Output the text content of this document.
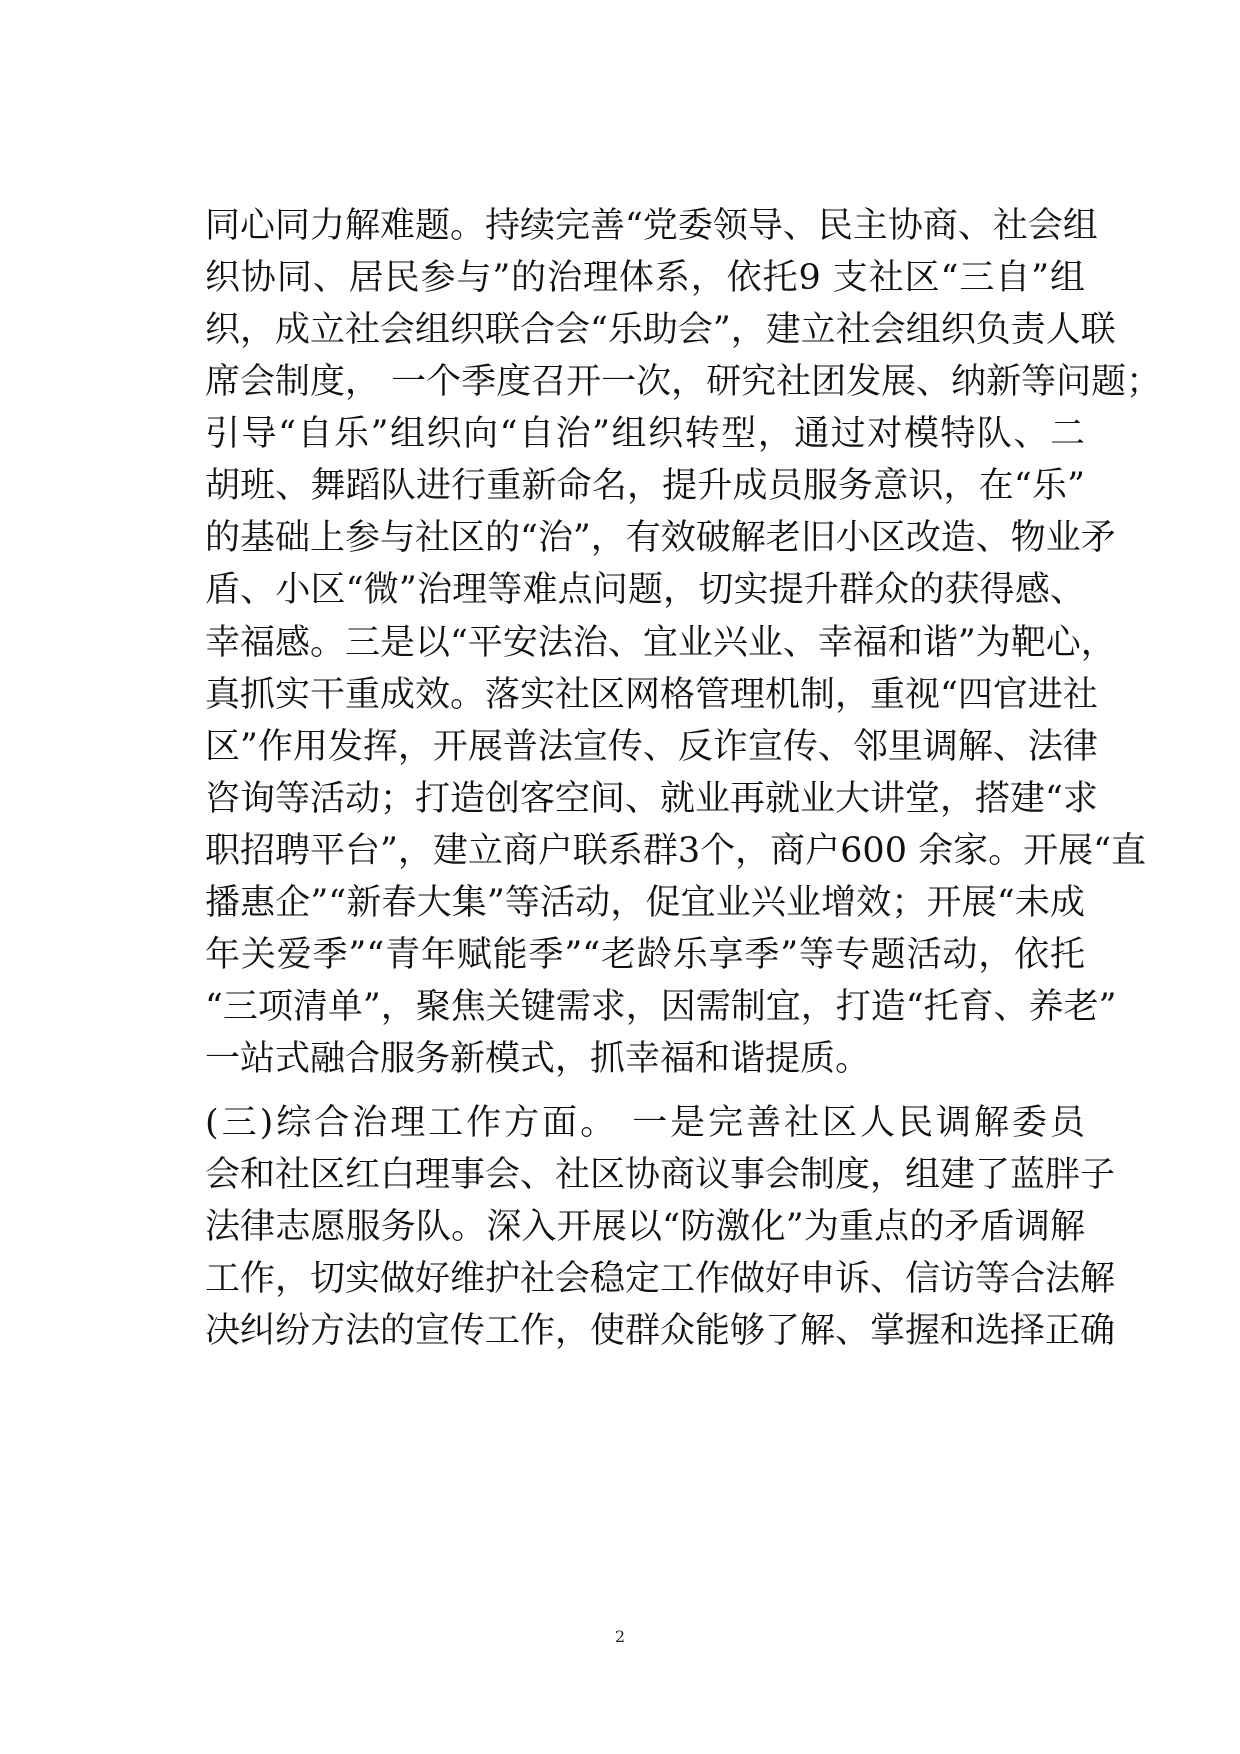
同心同力解难题。持续完善“党委领导、民主协商、社会组
织协同、居民参与”的治理体系，依托9 支社区“三自”组
织，成立社会组织联合会“乐助会”，建立社会组织负责人联
席会制度， 一个季度召开一次，研究社团发展、纳新等问题；
引导“自乐”组织向“自治”组织转型，通过对模特队、二
胡班、舞蹈队进行重新命名，提升成员服务意识，在“乐”
的基础上参与社区的“治”，有效破解老旧小区改造、物业矛
盾、小区“微”治理等难点问题，切实提升群众的获得感、
幸福感。三是以“平安法治、宜业兴业、幸福和谐”为靶心，
真抓实干重成效。落实社区网格管理机制，重视“四官进社
区”作用发挥，开展普法宣传、反诈宣传、邻里调解、法律
咨询等活动；打造创客空间、就业再就业大讲堂，搭建“求
职招聘平台”，建立商户联系群3个，商户600 余家。开展“直
播惠企”“新春大集”等活动，促宜业兴业增效；开展“未成
年关爱季”“青年赋能季”“老龄乐享季”等专题活动，依托
“三项清单”，聚焦关键需求，因需制宜，打造“托育、养老”
一站式融合服务新模式，抓幸福和谐提质。
(三)综合治理工作方面。 一是完善社区人民调解委员
会和社区红白理事会、社区协商议事会制度，组建了蓝胖子
法律志愿服务队。深入开展以“防激化”为重点的矛盾调解
工作，切实做好维护社会稳定工作做好申诉、信访等合法解
决纠纷方法的宣传工作，使群众能够了解、掌握和选择正确
2
